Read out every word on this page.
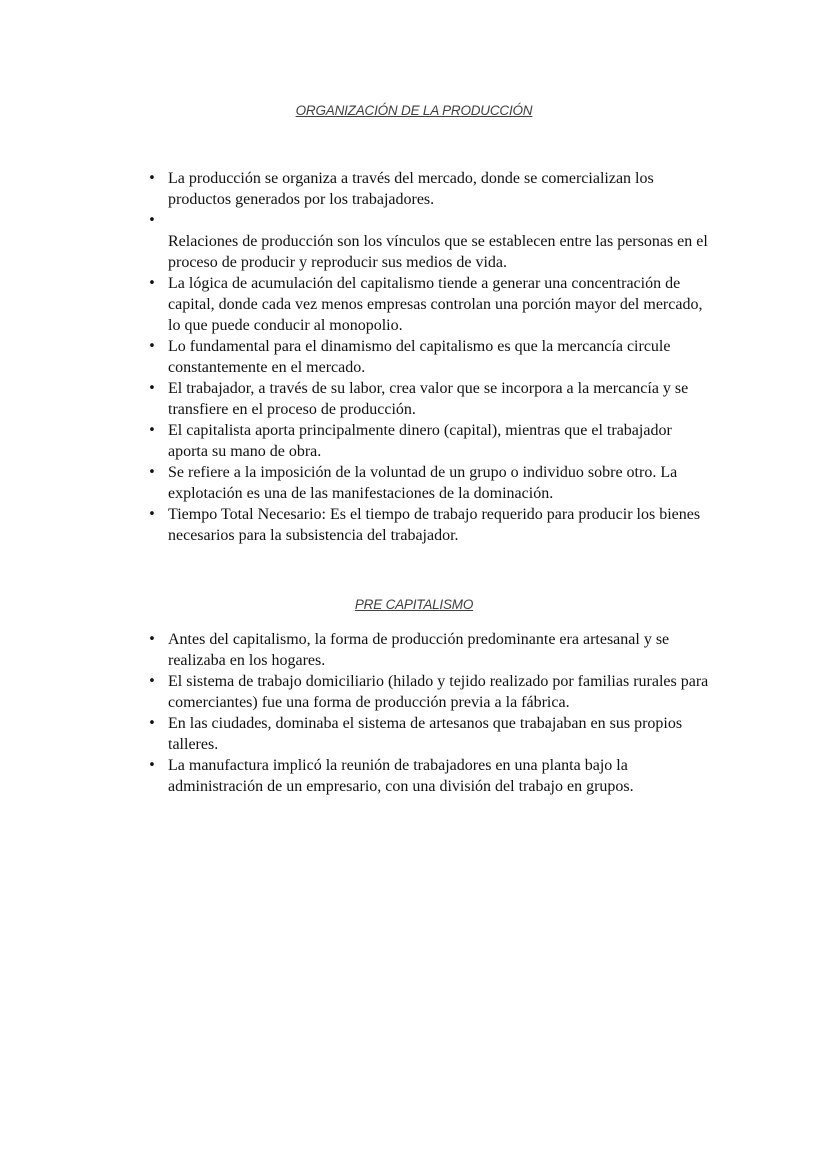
ORGANIZACIÓN DE LA PRODUCCIÓN
• La producción se organiza a través del mercado, donde se comercializan los productos generados por los trabajadores.
•
Relaciones de producción son los vínculos que se establecen entre las personas en el proceso de producir y reproducir sus medios de vida.
• La lógica de acumulación del capitalismo tiende a generar una concentración de capital, donde cada vez menos empresas controlan una porción mayor del mercado, lo que puede conducir al monopolio.
• Lo fundamental para el dinamismo del capitalismo es que la mercancía circule constantemente en el mercado.
• El trabajador, a través de su labor, crea valor que se incorpora a la mercancía y se transfiere en el proceso de producción.
• El capitalista aporta principalmente dinero (capital), mientras que el trabajador aporta su mano de obra.
• Se refiere a la imposición de la voluntad de un grupo o individuo sobre otro. La explotación es una de las manifestaciones de la dominación.
• Tiempo Total Necesario: Es el tiempo de trabajo requerido para producir los bienes necesarios para la subsistencia del trabajador.
PRE CAPITALISMO
• Antes del capitalismo, la forma de producción predominante era artesanal y se realizaba en los hogares.
• El sistema de trabajo domiciliario (hilado y tejido realizado por familias rurales para comerciantes) fue una forma de producción previa a la fábrica.
• En las ciudades, dominaba el sistema de artesanos que trabajaban en sus propios talleres.
• La manufactura implicó la reunión de trabajadores en una planta bajo la administración de un empresario, con una división del trabajo en grupos.
